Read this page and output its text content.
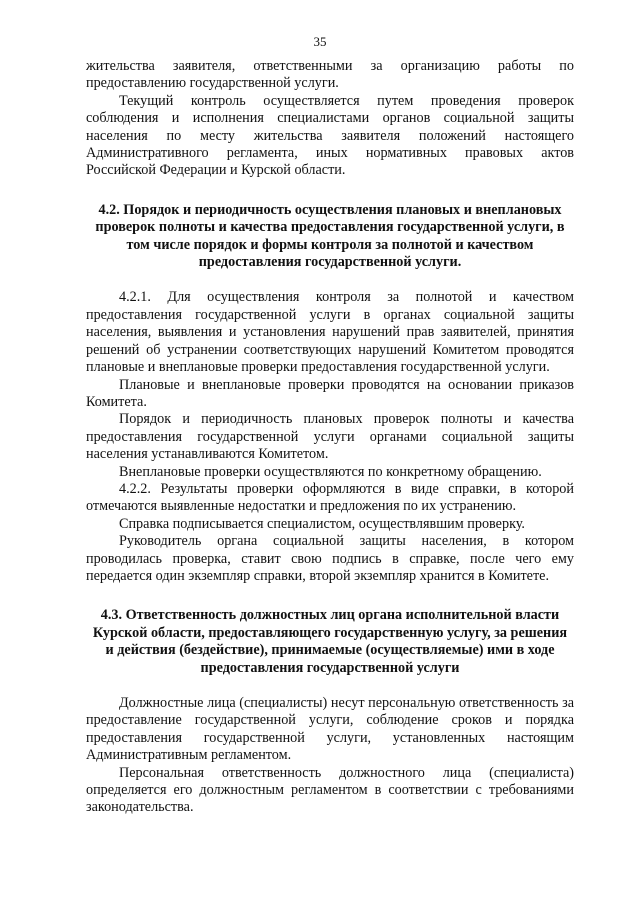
35

жительства заявителя, ответственными за организацию работы по предоставлению государственной услуги.

Текущий контроль осуществляется путем проведения проверок соблюдения и исполнения специалистами органов социальной защиты населения по месту жительства заявителя положений настоящего Административного регламента, иных нормативных правовых актов Российской Федерации и Курской области.

4.2. Порядок и периодичность осуществления плановых и внеплановых проверок полноты и качества предоставления государственной услуги, в том числе порядок и формы контроля за полнотой и качеством предоставления государственной услуги.

4.2.1. Для осуществления контроля за полнотой и качеством предоставления государственной услуги в органах социальной защиты населения, выявления и установления нарушений прав заявителей, принятия решений об устранении соответствующих нарушений Комитетом проводятся плановые и внеплановые проверки предоставления государственной услуги.

Плановые и внеплановые проверки проводятся на основании приказов Комитета.

Порядок и периодичность плановых проверок полноты и качества предоставления государственной услуги органами социальной защиты населения устанавливаются Комитетом.

Внеплановые проверки осуществляются по конкретному обращению.

4.2.2. Результаты проверки оформляются в виде справки, в которой отмечаются выявленные недостатки и предложения по их устранению.

Справка подписывается специалистом, осуществлявшим проверку.

Руководитель органа социальной защиты населения, в котором проводилась проверка, ставит свою подпись в справке, после чего ему передается один экземпляр справки, второй экземпляр хранится в Комитете.

4.3. Ответственность должностных лиц органа исполнительной власти Курской области, предоставляющего государственную услугу, за решения и действия (бездействие), принимаемые (осуществляемые) ими в ходе предоставления государственной услуги

Должностные лица (специалисты) несут персональную ответственность за предоставление государственной услуги, соблюдение сроков и порядка предоставления государственной услуги, установленных настоящим Административным регламентом.

Персональная ответственность должностного лица (специалиста) определяется его должностным регламентом в соответствии с требованиями законодательства.
